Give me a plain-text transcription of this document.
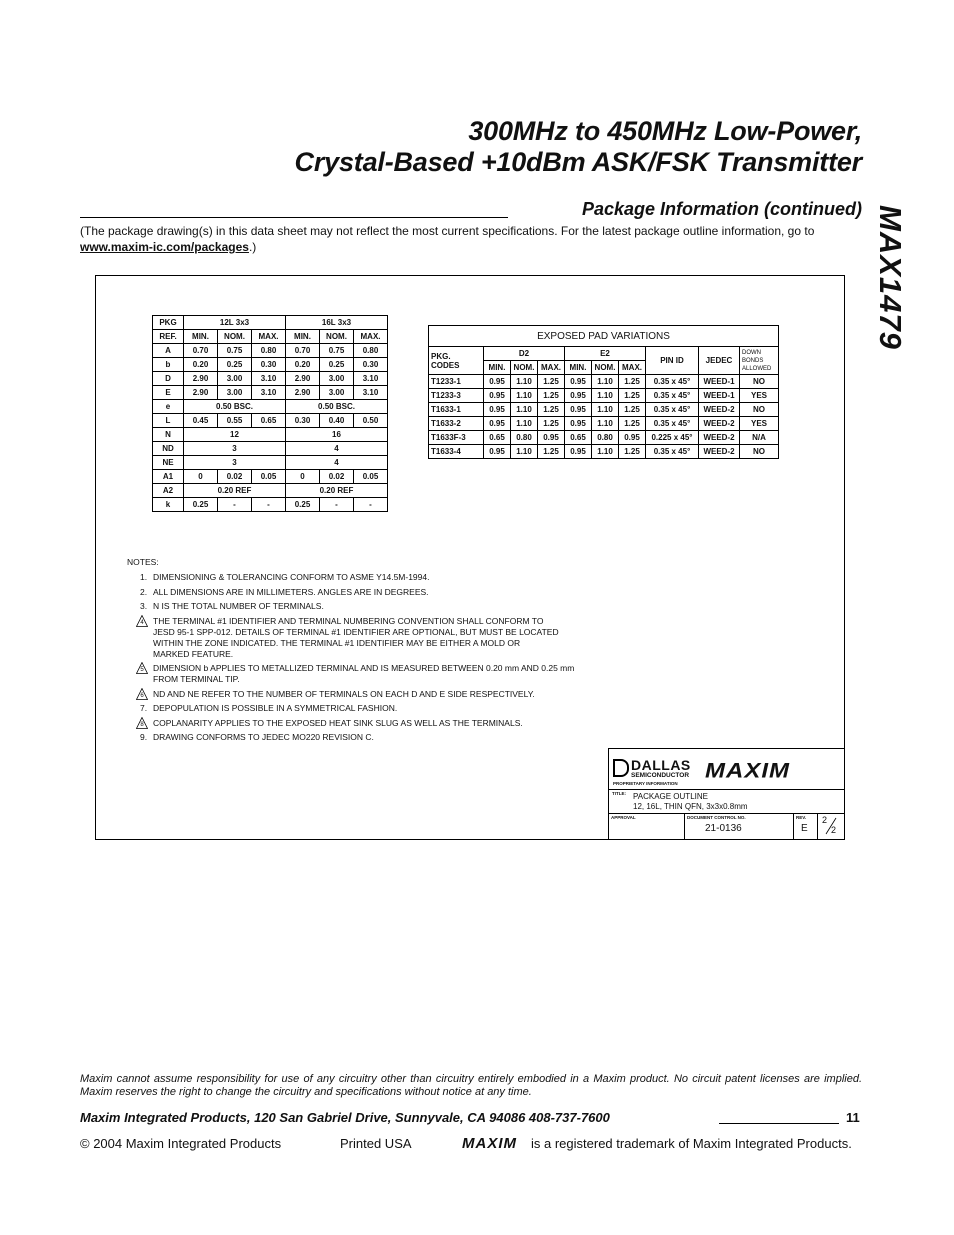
300MHz to 450MHz Low-Power,
Crystal-Based +10dBm ASK/FSK Transmitter
Package Information (continued) MAX1479
(The package drawing(s) in this data sheet may not reflect the most current specifications. For the latest package outline information, go to www.maxim-ic.com/packages.)
PKG	12L 3x3			16L 3x3		
REF.	MIN.	NOM.	MAX.	MIN.	NOM.	MAX.
A	0.70	0.75	0.80	0.70	0.75	0.80
b	0.20	0.25	0.30	0.20	0.25	0.30
D	2.90	3.00	3.10	2.90	3.00	3.10
E	2.90	3.00	3.10	2.90	3.00	3.10
e	0.50 BSC.			0.50 BSC.		
L	0.45	0.55	0.65	0.30	0.40	0.50
N	12			16		
ND	3			4		
NE	3			4		
A1	0	0.02	0.05	0	0.02	0.05
A2	0.20 REF			0.20 REF		
k	0.25	-	-	0.25	-	-
EXPOSED PAD VARIATIONS									
PKG. CODES	D2			E2			PIN ID	JEDEC	DOWN BONDS ALLOWED
	MIN.	NOM.	MAX.	MIN.	NOM.	MAX.			
T1233-1	0.95	1.10	1.25	0.95	1.10	1.25	0.35 x 45°	WEED-1	NO
T1233-3	0.95	1.10	1.25	0.95	1.10	1.25	0.35 x 45°	WEED-1	YES
T1633-1	0.95	1.10	1.25	0.95	1.10	1.25	0.35 x 45°	WEED-2	NO
T1633-2	0.95	1.10	1.25	0.95	1.10	1.25	0.35 x 45°	WEED-2	YES
T1633F-3	0.65	0.80	0.95	0.65	0.80	0.95	0.225 x 45°	WEED-2	N/A
T1633-4	0.95	1.10	1.25	0.95	1.10	1.25	0.35 x 45°	WEED-2	NO
NOTES:
1. DIMENSIONING & TOLERANCING CONFORM TO ASME Y14.5M-1994.
2. ALL DIMENSIONS ARE IN MILLIMETERS. ANGLES ARE IN DEGREES.
3. N IS THE TOTAL NUMBER OF TERMINALS.
4	THE TERMINAL #1 IDENTIFIER AND TERMINAL NUMBERING CONVENTION SHALL CONFORM TO
JESD 95-1 SPP-012. DETAILS OF TERMINAL #1 IDENTIFIER ARE OPTIONAL, BUT MUST BE LOCATED
WITHIN THE ZONE INDICATED. THE TERMINAL #1 IDENTIFIER MAY BE EITHER A MOLD OR
MARKED FEATURE.
5	DIMENSION b APPLIES TO METALLIZED TERMINAL AND IS MEASURED BETWEEN 0.20 mm AND 0.25 mm
FROM TERMINAL TIP.
6	ND AND NE REFER TO THE NUMBER OF TERMINALS ON EACH D AND E SIDE RESPECTIVELY.
7. DEPOPULATION IS POSSIBLE IN A SYMMETRICAL FASHION.
8	COPLANARITY APPLIES TO THE EXPOSED HEAT SINK SLUG AS WELL AS THE TERMINALS.
9. DRAWING CONFORMS TO JEDEC MO220 REVISION C.
DALLAS
SEMICONDUCTOR MAXIM
PROPRIETARY INFORMATION
TITLE: PACKAGE OUTLINE
12, 16L, THIN QFN, 3x3x0.8mm
APPROVAL	DOCUMENT CONTROL NO.
21-0136
REV.
E
2
2
Maxim cannot assume responsibility for use of any circuitry other than circuitry entirely embodied in a Maxim product. No circuit patent licenses are implied. Maxim reserves the right to change the circuitry and specifications without notice at any time.
Maxim Integrated Products, 120 San Gabriel Drive, Sunnyvale, CA 94086 408-737-7600	11
© 2004 Maxim Integrated Products	Printed USA	MAXIM is a registered trademark of Maxim Integrated Products.
